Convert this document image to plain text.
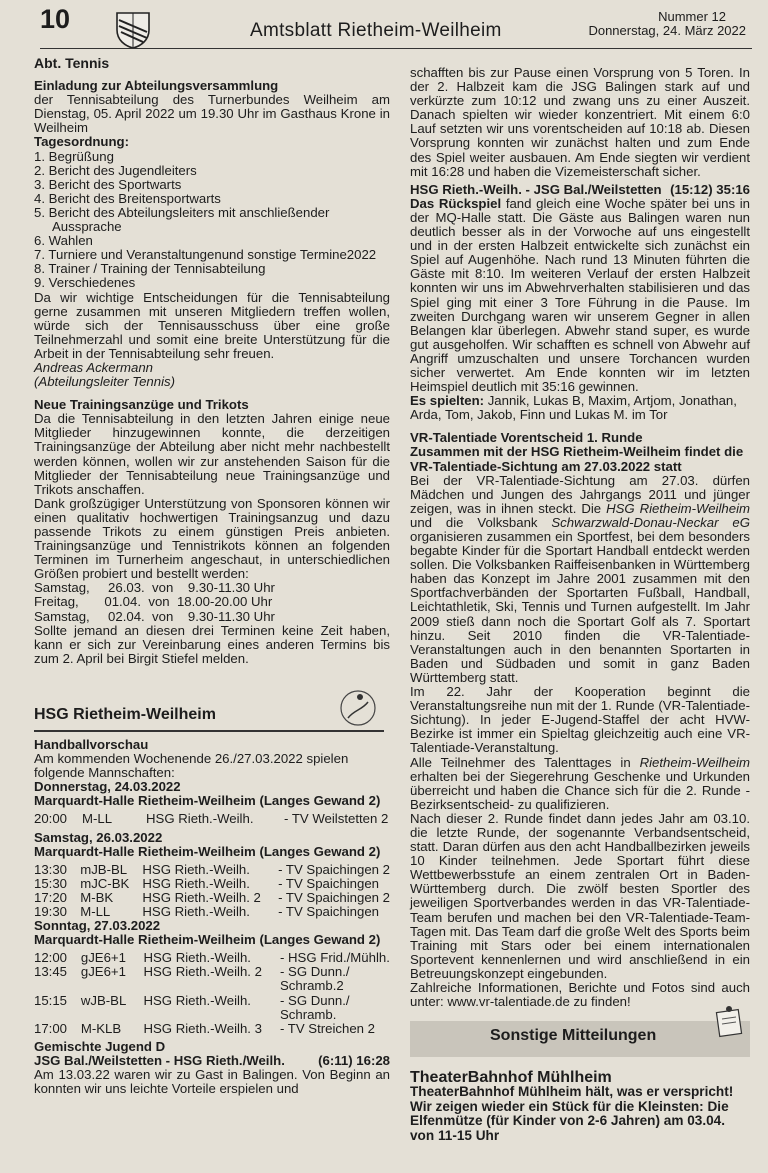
10	Amtsblatt Rietheim-Weilheim
Nummer 12
Donnerstag, 24. März 2022
Abt. Tennis
Einladung zur Abteilungsversammlung

der Tennisabteilung des Turnerbundes Weilheim am Dienstag, 05. April 2022 um 19.30 Uhr im Gasthaus Krone in Weilheim

Tagesordnung:
1. Begrüßung
2. Bericht des Jugendleiters
3. Bericht des Sportwarts
4. Bericht des Breitensportwarts
5. Bericht des Abteilungsleiters mit anschließender Aussprache
6. Wahlen
7. Turniere und Veranstaltungenund sonstige Termine2022
8. Trainer / Training der Tennisabteilung
9. Verschiedenes

Da wir wichtige Entscheidungen für die Tennisabteilung gerne zusammen mit unseren Mitgliedern treffen wollen, würde sich der Tennisausschuss über eine große Teilnehmerzahl und somit eine breite Unterstützung für die Arbeit in der Tennisabteilung sehr freuen.

Andreas Ackermann
(Abteilungsleiter Tennis)
Neue Trainingsanzüge und Trikots

Da die Tennisabteilung in den letzten Jahren einige neue Mitglieder hinzugewinnen konnte, die derzeitigen Trainingsanzüge der Abteilung aber nicht mehr nachbestellt werden können, wollen wir zur anstehenden Saison für die Mitglieder der Tennisabteilung neue Trainingsanzüge und Trikots anschaffen.

Dank großzügiger Unterstützung von Sponsoren können wir einen qualitativ hochwertigen Trainingsanzug und dazu passende Trikots zu einem günstigen Preis anbieten. Trainingsanzüge und Tennistrikots können an folgenden Terminen im Turnerheim angeschaut, in unterschiedlichen Größen probiert und bestellt werden:

Samstag,     26.03.  von    9.30-11.30 Uhr
Freitag,       01.04.  von  18.00-20.00 Uhr
Samstag,     02.04.  von    9.30-11.30 Uhr

Sollte jemand an diesen drei Terminen keine Zeit haben, kann er sich zur Vereinbarung eines anderen Termins bis zum 2. April bei Birgit Stiefel melden.

HSG Rietheim-Weilheim
Handballvorschau

Am kommenden Wochenende 26./27.03.2022 spielen folgende Mannschaften:

Donnerstag, 24.03.2022
Marquardt-Halle Rietheim-Weilheim (Langes Gewand 2)
20:00	M-LL	HSG Rieth.-Weilh.	- TV Weilstetten 2
Samstag, 26.03.2022
Marquardt-Halle Rietheim-Weilheim (Langes Gewand 2)
13:30	mJB-BL	HSG Rieth.-Weilh.	- TV Spaichingen 2
15:30	mJC-BK	HSG Rieth.-Weilh.	- TV Spaichingen
17:20	M-BK	HSG Rieth.-Weilh. 2	- TV Spaichingen 2
19:30	M-LL	HSG Rieth.-Weilh.	- TV Spaichingen
Sonntag, 27.03.2022
Marquardt-Halle Rietheim-Weilheim (Langes Gewand 2)
12:00	gJE6+1	HSG Rieth.-Weilh.	- HSG Frid./Mühlh.
13:45	gJE6+1	HSG Rieth.-Weilh. 2	- SG Dunn./ Schramb.2
15:15	wJB-BL	HSG Rieth.-Weilh.	- SG Dunn./ Schramb.
17:00	M-KLB	HSG Rieth.-Weilh. 3	- TV Streichen 2
Gemischte Jugend D
JSG Bal./Weilstetten - HSG Rieth./Weilh.	(6:11) 16:28

Am 13.03.22 waren wir zu Gast in Balingen. Von Beginn an konnten wir uns leichte Vorteile erspielen und

schafften bis zur Pause einen Vorsprung von 5 Toren. In der 2. Halbzeit kam die JSG Balingen stark auf und verkürzte zum 10:12 und zwang uns zu einer Auszeit. Danach spielten wir wieder konzentriert. Mit einem 6:0 Lauf setzten wir uns vorentscheiden auf 10:18 ab. Diesen Vorsprung konnten wir zunächst halten und zum Ende des Spiel weiter ausbauen. Am Ende siegten wir verdient mit 16:28 und haben die Vizemeisterschaft sicher.

HSG Rieth.-Weilh. - JSG Bal./Weilstetten (15:12) 35:16

Das Rückspiel fand gleich eine Woche später bei uns in der MQ-Halle statt. Die Gäste aus Balingen waren nun deutlich besser als in der Vorwoche auf uns eingestellt und in der ersten Halbzeit entwickelte sich zunächst ein Spiel auf Augenhöhe. Nach rund 13 Minuten führten die Gäste mit 8:10. Im weiteren Verlauf der ersten Halbzeit konnten wir uns im Abwehrverhalten stabilisieren und das Spiel ging mit einer 3 Tore Führung in die Pause. Im zweiten Durchgang waren wir unserem Gegner in allen Belangen klar überlegen. Abwehr stand super, es wurde gut ausgeholfen. Wir schafften es schnell von Abwehr auf Angriff umzuschalten und unsere Torchancen wurden sicher verwertet. Am Ende konnten wir im letzten Heimspiel deutlich mit 35:16 gewinnen.

Es spielten: Jannik, Lukas B, Maxim, Artjom, Jonathan, Arda, Tom, Jakob, Finn und Lukas M. im Tor

VR-Talentiade Vorentscheid 1. Runde
Zusammen mit der HSG Rietheim-Weilheim findet die VR-Talentiade-Sichtung am 27.03.2022 statt

Bei der VR-Talentiade-Sichtung am 27.03. dürfen Mädchen und Jungen des Jahrgangs 2011 und jünger zeigen, was in ihnen steckt. Die HSG Rietheim-Weilheim und die Volksbank Schwarzwald-Donau-Neckar eG organisieren zusammen ein Sportfest, bei dem besonders begabte Kinder für die Sportart Handball entdeckt werden sollen. Die Volksbanken Raiffeisenbanken in Württemberg haben das Konzept im Jahre 2001 zusammen mit den Sportfachverbänden der Sportarten Fußball, Handball, Leichtathletik, Ski, Tennis und Turnen aufgestellt. Im Jahr 2009 stieß dann noch die Sportart Golf als 7. Sportart hinzu. Seit 2010 finden die VR-Talentiade-Veranstaltungen auch in den benannten Sportarten in Baden und Südbaden und somit in ganz Baden Württemberg statt.

Im 22. Jahr der Kooperation beginnt die Veranstaltungsreihe nun mit der 1. Runde (VR-Talentiade-Sichtung). In jeder E-Jugend-Staffel der acht HVW-Bezirke ist immer ein Spieltag gleichzeitig auch eine VR-Talentiade-Veranstaltung.

Alle Teilnehmer des Talenttages in Rietheim-Weilheim erhalten bei der Siegerehrung Geschenke und Urkunden überreicht und haben die Chance sich für die 2. Runde - Bezirksentscheid- zu qualifizieren.

Nach dieser 2. Runde findet dann jedes Jahr am 03.10. die letzte Runde, der sogenannte Verbandsentscheid, statt. Daran dürfen aus den acht Handballbezirken jeweils 10 Kinder teilnehmen. Jede Sportart führt diese Wettbewerbsstufe an einem zentralen Ort in Baden-Württemberg durch. Die zwölf besten Sportler des jeweiligen Sportverbandes werden in das VR-Talentiade-Team berufen und machen bei den VR-Talentiade-Team-Tagen mit. Das Team darf die große Welt des Sports beim Training mit Stars oder bei einem internationalen Sportevent kennenlernen und wird anschließend in ein Betreuungskonzept eingebunden.

Zahlreiche Informationen, Berichte und Fotos sind auch unter: www.vr-talentiade.de zu finden!

Sonstige Mitteilungen
TheaterBahnhof Mühlheim

TheaterBahnhof Mühlheim hält, was er verspricht! Wir zeigen wieder ein Stück für die Kleinsten: Die Elfenmütze (für Kinder von 2-6 Jahren) am 03.04. von 11-15 Uhr
